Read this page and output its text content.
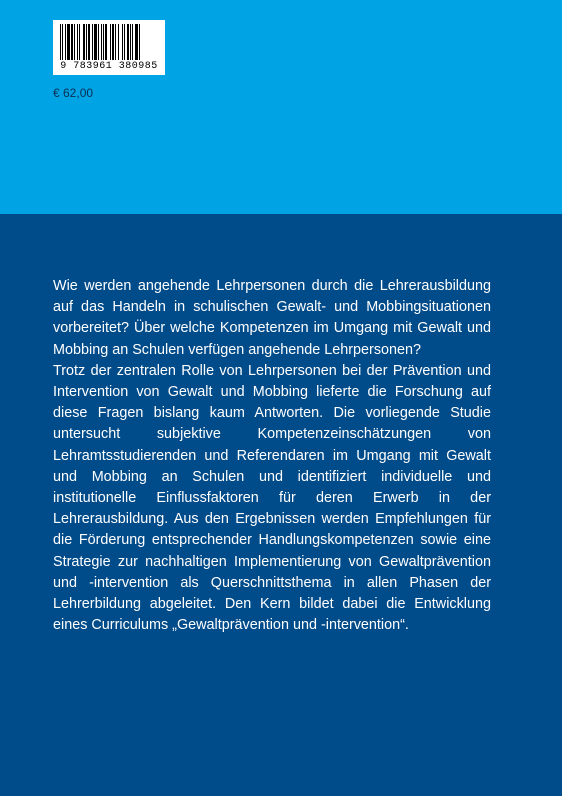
9 783961 380985
€ 62,00

Wie werden angehende Lehrpersonen durch die Lehrerausbildung auf das Handeln in schulischen Gewalt- und Mobbingsituationen vorbereitet? Über welche Kompetenzen im Umgang mit Gewalt und Mobbing an Schulen verfügen angehende Lehrpersonen?

Trotz der zentralen Rolle von Lehrpersonen bei der Prävention und Intervention von Gewalt und Mobbing lieferte die Forschung auf diese Fragen bislang kaum Antworten. Die vorliegende Studie untersucht subjektive Kompetenzeinschätzungen von Lehramtsstudierenden und Referendaren im Umgang mit Gewalt und Mobbing an Schulen und identifiziert individuelle und institutionelle Einflussfaktoren für deren Erwerb in der Lehrerausbildung. Aus den Ergebnissen werden Empfehlungen für die Förderung entsprechender Handlungskompetenzen sowie eine Strategie zur nachhaltigen Implementierung von Gewaltprävention und -intervention als Querschnittsthema in allen Phasen der Lehrerbildung abgeleitet. Den Kern bildet dabei die Entwicklung eines Curriculums „Gewaltprävention und -intervention“.
